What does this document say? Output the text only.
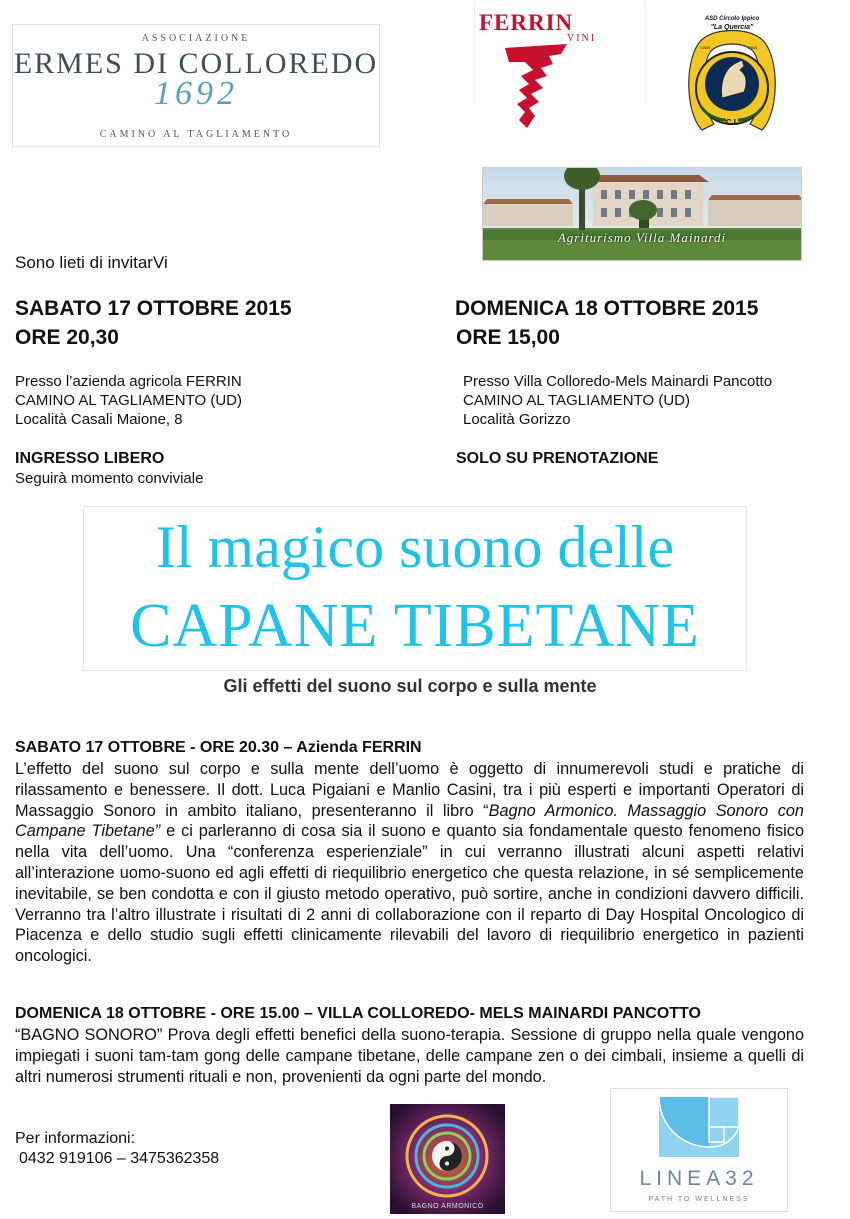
ASSOCIAZIONE
ERMES DI COLLOREDO
1692
CAMINO AL TAGLIAMENTO
FERRIN
VINI
ASD Circolo Ippico
"La Quercia"
CAMI	PIAN
C.I.
Agriturismo Villa Mainardi
Sono lieti di invitarVi
SABATO 17 OTTOBRE 2015
ORE 20,30
DOMENICA 18 OTTOBRE 2015
ORE 15,00
Presso l’azienda agricola FERRIN
CAMINO AL TAGLIAMENTO (UD)
Località Casali Maione, 8
Presso Villa Colloredo-Mels Mainardi Pancotto
CAMINO AL TAGLIAMENTO (UD)
Località Gorizzo
INGRESSO LIBERO
Seguirà momento conviviale
SOLO SU PRENOTAZIONE
Il magico suono delle
CAPANE TIBETANE
Gli effetti del suono sul corpo e sulla mente
SABATO 17 OTTOBRE - ORE 20.30 – Azienda FERRIN
L’effetto del suono sul corpo e sulla mente dell’uomo è oggetto di innumerevoli studi e pratiche di rilassamento e benessere. Il dott. Luca Pigaiani e Manlio Casini, tra i più esperti e importanti Operatori di Massaggio Sonoro in ambito italiano, presenteranno il libro “Bagno Armonico. Massaggio Sonoro con Campane Tibetane” e ci parleranno di cosa sia il suono e quanto sia fondamentale questo fenomeno fisico nella vita dell’uomo. Una “conferenza esperienziale” in cui verranno illustrati alcuni aspetti relativi all’interazione uomo-suono ed agli effetti di riequilibrio energetico che questa relazione, in sé semplicemente inevitabile, se ben condotta e con il giusto metodo operativo, può sortire, anche in condizioni davvero difficili. Verranno tra l’altro illustrate i risultati di 2 anni di collaborazione con il reparto di Day Hospital Oncologico di Piacenza e dello studio sugli effetti clinicamente rilevabili del lavoro di riequilibrio energetico in pazienti oncologici.
DOMENICA 18 OTTOBRE - ORE 15.00 – VILLA COLLOREDO- MELS MAINARDI PANCOTTO
“BAGNO SONORO” Prova degli effetti benefici della suono-terapia. Sessione di gruppo nella quale vengono impiegati i suoni tam-tam gong delle campane tibetane, delle campane zen o dei cimbali, insieme a quelli di altri numerosi strumenti rituali e non, provenienti da ogni parte del mondo.
Per informazioni:
0432 919106 – 3475362358
BAGNO ARMONICO
LINEA32
PATH TO WELLNESS
